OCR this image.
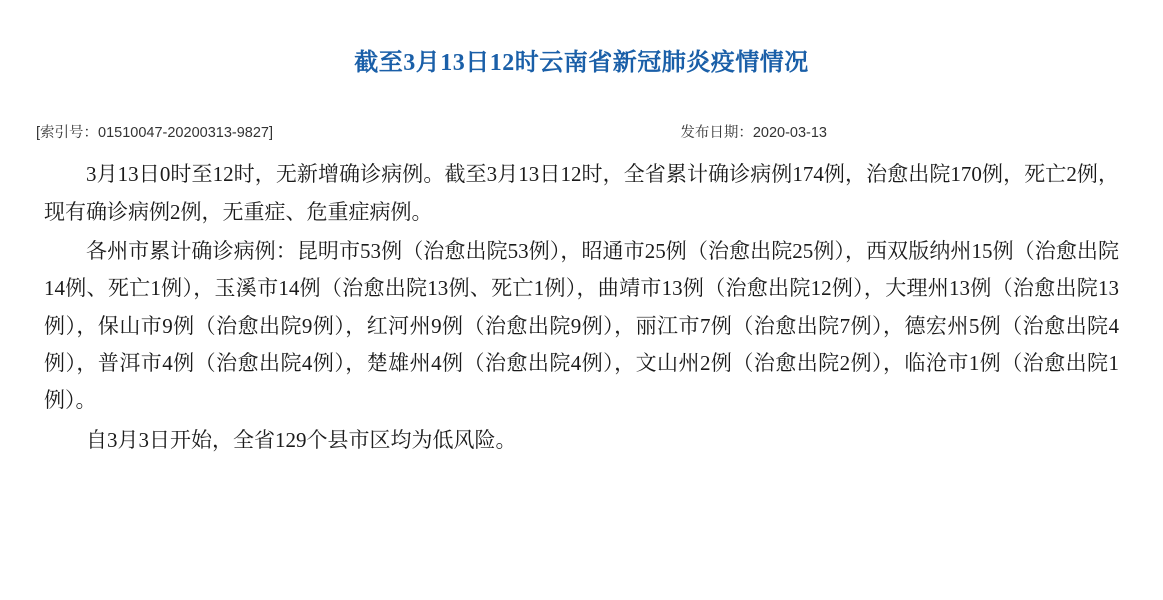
截至3月13日12时云南省新冠肺炎疫情情况
[索引号：01510047-20200313-9827]	发布日期：2020-03-13

3月13日0时至12时，无新增确诊病例。截至3月13日12时，全省累计确诊病例174例，治愈出院170例，死亡2例，现有确诊病例2例，无重症、危重症病例。

各州市累计确诊病例：昆明市53例（治愈出院53例），昭通市25例（治愈出院25例），西双版纳州15例（治愈出院14例、死亡1例），玉溪市14例（治愈出院13例、死亡1例），曲靖市13例（治愈出院12例），大理州13例（治愈出院13例），保山市9例（治愈出院9例），红河州9例（治愈出院9例），丽江市7例（治愈出院7例），德宏州5例（治愈出院4例），普洱市4例（治愈出院4例），楚雄州4例（治愈出院4例），文山州2例（治愈出院2例），临沧市1例（治愈出院1例）。

自3月3日开始，全省129个县市区均为低风险。
